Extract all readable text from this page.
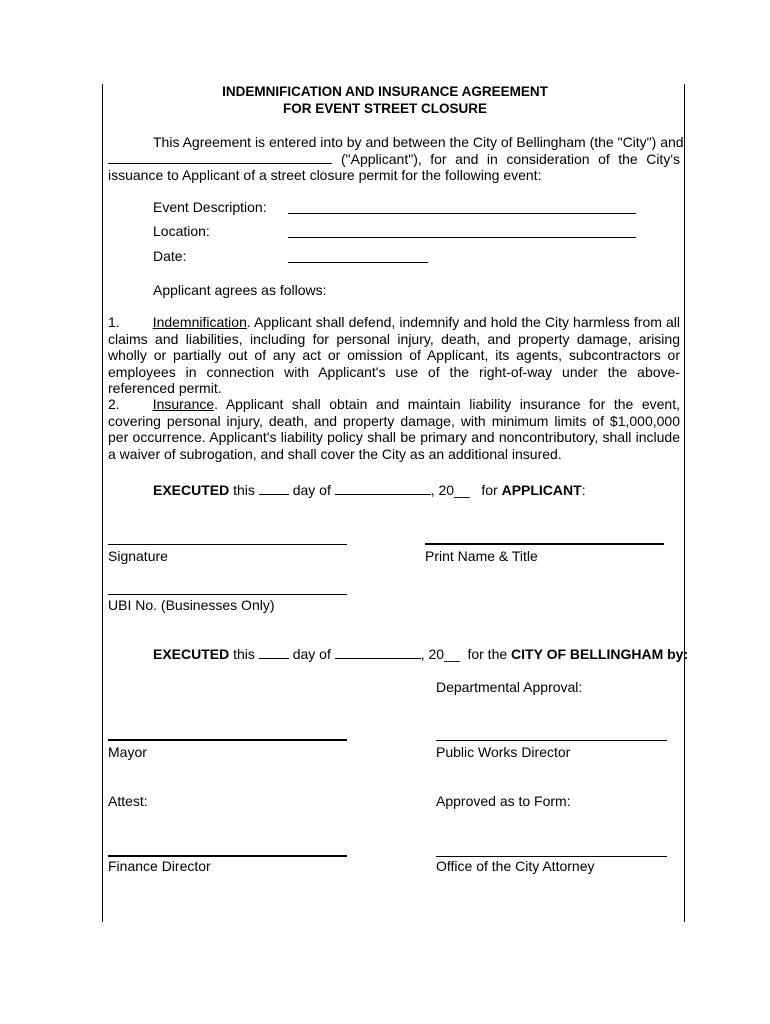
INDEMNIFICATION AND INSURANCE AGREEMENT
FOR EVENT STREET CLOSURE
This Agreement is entered into by and between the City of Bellingham (the "City") and
("Applicant"), for and in consideration of the City's
issuance to Applicant of a street closure permit for the following event:
Event Description:
Location:
Date:
Applicant agrees as follows:
1. Indemnification. Applicant shall defend, indemnify and hold the City harmless from all claims and liabilities, including for personal injury, death, and property damage, arising wholly or partially out of any act or omission of Applicant, its agents, subcontractors or employees in connection with Applicant's use of the right-of-way under the above-referenced permit.
2. Insurance. Applicant shall obtain and maintain liability insurance for the event, covering personal injury, death, and property damage, with minimum limits of $1,000,000 per occurrence. Applicant's liability policy shall be primary and noncontributory, shall include a waiver of subrogation, and shall cover the City as an additional insured.
EXECUTED this	day of	, 20__ for APPLICANT:
Signature	Print Name & Title
UBI No. (Businesses Only)
EXECUTED this	day of	, 20__ for the CITY OF BELLINGHAM by:
Departmental Approval:
Mayor	Public Works Director
Attest:	Approved as to Form:
Finance Director	Office of the City Attorney
